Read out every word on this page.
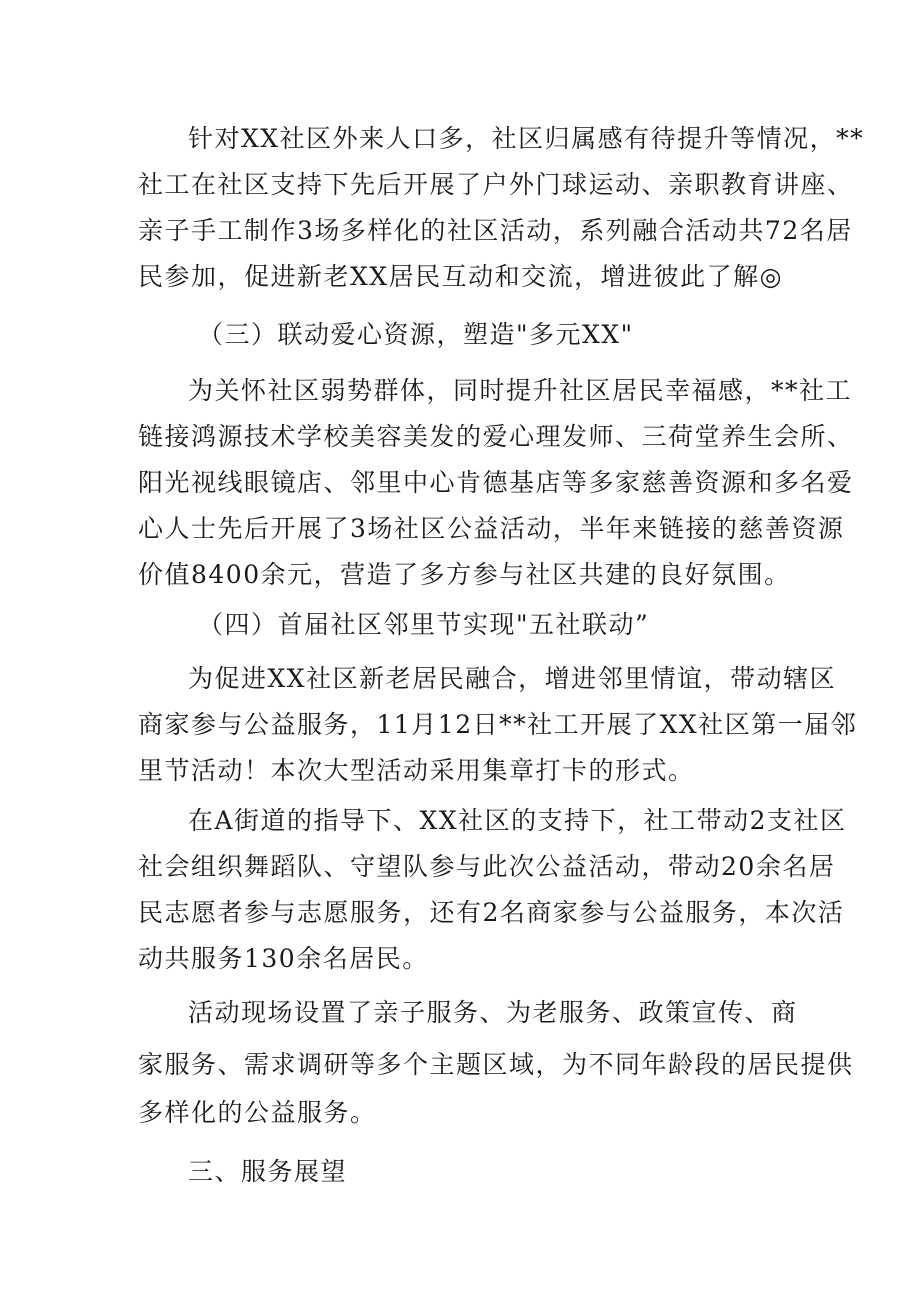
针对XX社区外来人口多，社区归属感有待提升等情况，**
社工在社区支持下先后开展了户外门球运动、亲职教育讲座、
亲子手工制作3场多样化的社区活动，系列融合活动共72名居
民参加，促进新老XX居民互动和交流，增进彼此了解◎
（三）联动爱心资源，塑造"多元XX"
为关怀社区弱势群体，同时提升社区居民幸福感，**社工
链接鸿源技术学校美容美发的爱心理发师、三荷堂养生会所、
阳光视线眼镜店、邻里中心肯德基店等多家慈善资源和多名爱
心人士先后开展了3场社区公益活动，半年来链接的慈善资源
价值8400余元，营造了多方参与社区共建的良好氛围。
（四）首届社区邻里节实现"五社联动”
为促进XX社区新老居民融合，增进邻里情谊，带动辖区
商家参与公益服务，11月12日**社工开展了XX社区第一届邻
里节活动！本次大型活动采用集章打卡的形式。
在A街道的指导下、XX社区的支持下，社工带动2支社区
社会组织舞蹈队、守望队参与此次公益活动，带动20余名居
民志愿者参与志愿服务，还有2名商家参与公益服务，本次活
动共服务130余名居民。
活动现场设置了亲子服务、为老服务、政策宣传、商
家服务、需求调研等多个主题区域，为不同年龄段的居民提供
多样化的公益服务。
三、服务展望
